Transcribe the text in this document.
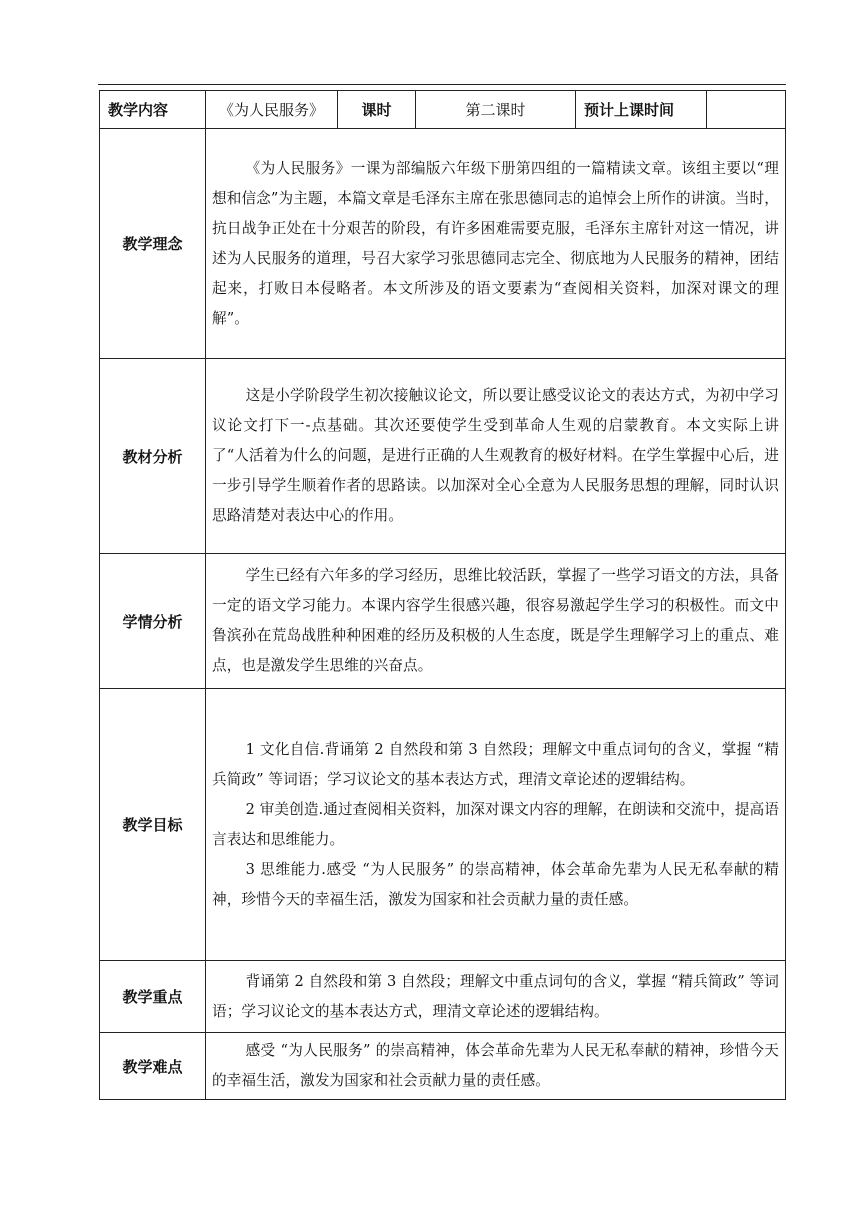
教学内容	《为人民服务》	课时	第二课时	预计上课时间	
教学理念	《为人民服务》一课为部编版六年级下册第四组的一篇精读文章。该组主要以“理想和信念”为主题，本篇文章是毛泽东主席在张思德同志的追悼会上所作的讲演。当时，抗日战争正处在十分艰苦的阶段，有许多困难需要克服，毛泽东主席针对这一情况，讲述为人民服务的道理，号召大家学习张思德同志完全、彻底地为人民服务的精神，团结起来，打败日本侵略者。本文所涉及的语文要素为“查阅相关资料，加深对课文的理解”。				

教材分析	这是小学阶段学生初次接触议论文，所以要让感受议论文的表达方式，为初中学习议论文打下一-点基础。其次还要使学生受到革命人生观的启蒙教育。本文实际上讲了“人活着为什么的问题，是进行正确的人生观教育的极好材料。在学生掌握中心后，进一步引导学生顺着作者的思路读。以加深对全心全意为人民服务思想的理解，同时认识思路清楚对表达中心的作用。				

学情分析	学生已经有六年多的学习经历，思维比较活跃，掌握了一些学习语文的方法，具备一定的语文学习能力。本课内容学生很感兴趣，很容易激起学生学习的积极性。而文中鲁滨孙在荒岛战胜种种困难的经历及积极的人生态度，既是学生理解学习上的重点、难点，也是激发学生思维的兴奋点。				

教学目标	1 文化自信.背诵第 2 自然段和第 3 自然段；理解文中重点词句的含义，掌握 “精兵简政” 等词语；学习议论文的基本表达方式，理清文章论述的逻辑结构。

2 审美创造.通过查阅相关资料，加深对课文内容的理解，在朗读和交流中，提高语言表达和思维能力。

3 思维能力.感受 “为人民服务” 的崇高精神，体会革命先辈为人民无私奉献的精神，珍惜今天的幸福生活，激发为国家和社会贡献力量的责任感。				

教学重点	背诵第 2 自然段和第 3 自然段；理解文中重点词句的含义，掌握 “精兵简政” 等词语；学习议论文的基本表达方式，理清文章论述的逻辑结构。				

教学难点	感受 “为人民服务” 的崇高精神，体会革命先辈为人民无私奉献的精神，珍惜今天的幸福生活，激发为国家和社会贡献力量的责任感。				
